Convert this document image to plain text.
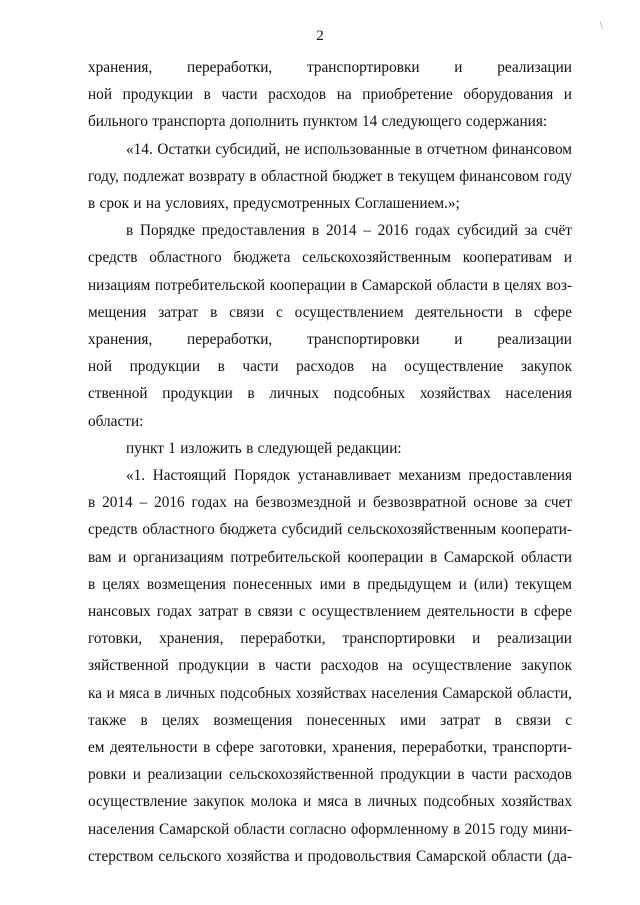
/
2
хранения, переработки, транспортировки и реализации
ной продукции в части расходов на приобретение оборудования и
бильного транспорта дополнить пунктом 14 следующего содержания:
«14. Остатки субсидий, не использованные в отчетном финансовом
году, подлежат возврату в областной бюджет в текущем финансовом году
в срок и на условиях, предусмотренных Соглашением.»;
в Порядке предоставления в 2014 – 2016 годах субсидий за счёт
средств областного бюджета сельскохозяйственным кооперативам и
низациям потребительской кооперации в Самарской области в целях воз-
мещения затрат в связи с осуществлением деятельности в сфере
хранения, переработки, транспортировки и реализации
ной продукции в части расходов на осуществление закупок
ственной продукции в личных подсобных хозяйствах населения
области:
пункт 1 изложить в следующей редакции:
«1. Настоящий Порядок устанавливает механизм предоставления
в 2014 – 2016 годах на безвозмездной и безвозвратной основе за счет
средств областного бюджета субсидий сельскохозяйственным кооперати-
вам и организациям потребительской кооперации в Самарской области
в целях возмещения понесенных ими в предыдущем и (или) текущем
нансовых годах затрат в связи с осуществлением деятельности в сфере
готовки, хранения, переработки, транспортировки и реализации
зяйственной продукции в части расходов на осуществление закупок
ка и мяса в личных подсобных хозяйствах населения Самарской области,
также в целях возмещения понесенных ими затрат в связи с
ем деятельности в сфере заготовки, хранения, переработки, транспорти-
ровки и реализации сельскохозяйственной продукции в части расходов
осуществление закупок молока и мяса в личных подсобных хозяйствах
населения Самарской области согласно оформленному в 2015 году мини-
стерством сельского хозяйства и продовольствия Самарской области (да-
